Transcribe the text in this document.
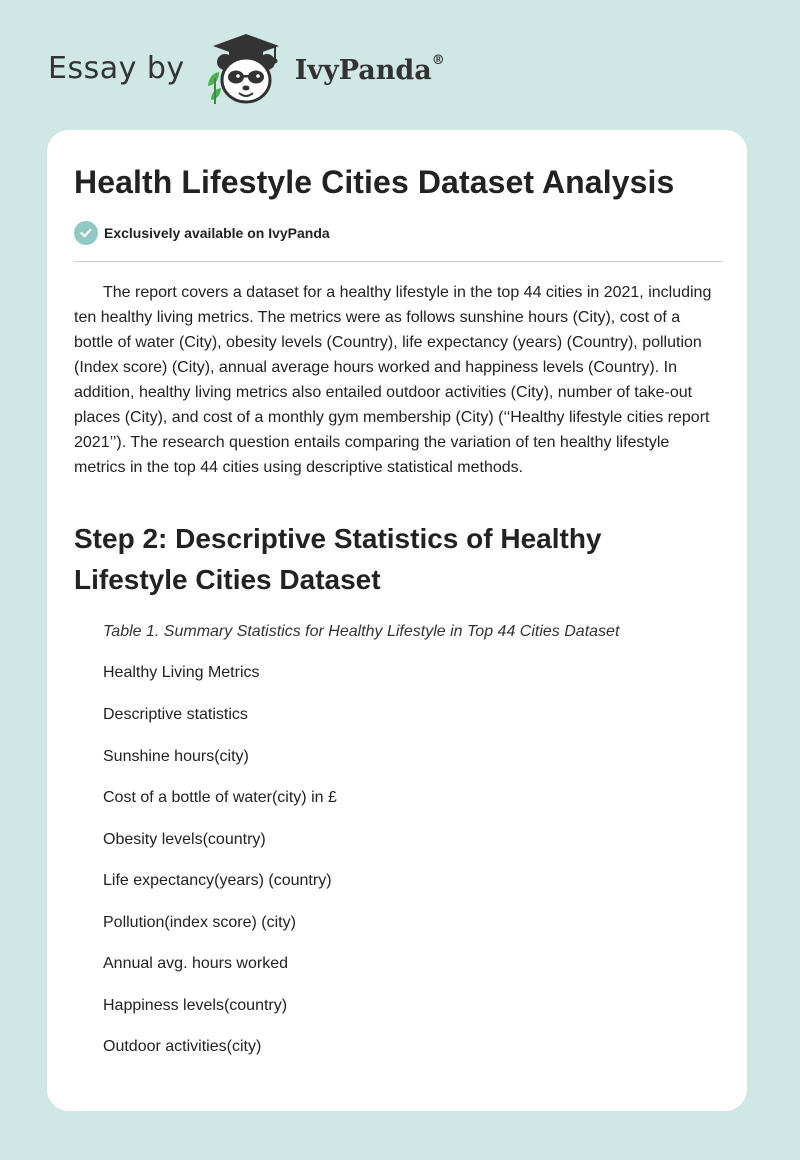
Essay by	IvyPanda®
Health Lifestyle Cities Dataset Analysis
Exclusively available on IvyPanda

The report covers a dataset for a healthy lifestyle in the top 44 cities in 2021, including ten healthy living metrics. The metrics were as follows sunshine hours (City), cost of a bottle of water (City), obesity levels (Country), life expectancy (years) (Country), pollution (Index score) (City), annual average hours worked and happiness levels (Country). In addition, healthy living metrics also entailed outdoor activities (City), number of take-out places (City), and cost of a monthly gym membership (City) (‘‘Healthy lifestyle cities report 2021’’). The research question entails comparing the variation of ten healthy lifestyle metrics in the top 44 cities using descriptive statistical methods.

Step 2: Descriptive Statistics of Healthy Lifestyle Cities Dataset
Table 1. Summary Statistics for Healthy Lifestyle in Top 44 Cities Dataset
Healthy Living Metrics
Descriptive statistics
Sunshine hours(city)
Cost of a bottle of water(city) in £
Obesity levels(country)
Life expectancy(years) (country)
Pollution(index score) (city)
Annual avg. hours worked
Happiness levels(country)
Outdoor activities(city)
